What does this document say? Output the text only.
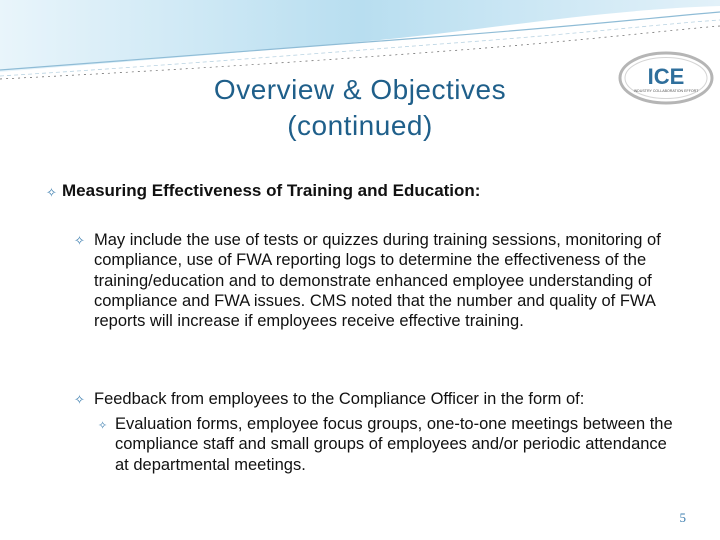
Overview & Objectives
(continued)
ICE
INDUSTRY COLLABORATION EFFORT
✧ Measuring Effectiveness of Training and Education:
✧ May include the use of tests or quizzes during training sessions, monitoring of compliance, use of FWA reporting logs to determine the effectiveness of the training/education and to demonstrate enhanced employee understanding of compliance and FWA issues. CMS noted that the number and quality of FWA reports will increase if employees receive effective training.
✧ Feedback from employees to the Compliance Officer in the form of:
✧ Evaluation forms, employee focus groups, one-to-one meetings between the compliance staff and small groups of employees and/or periodic attendance at departmental meetings.
5
